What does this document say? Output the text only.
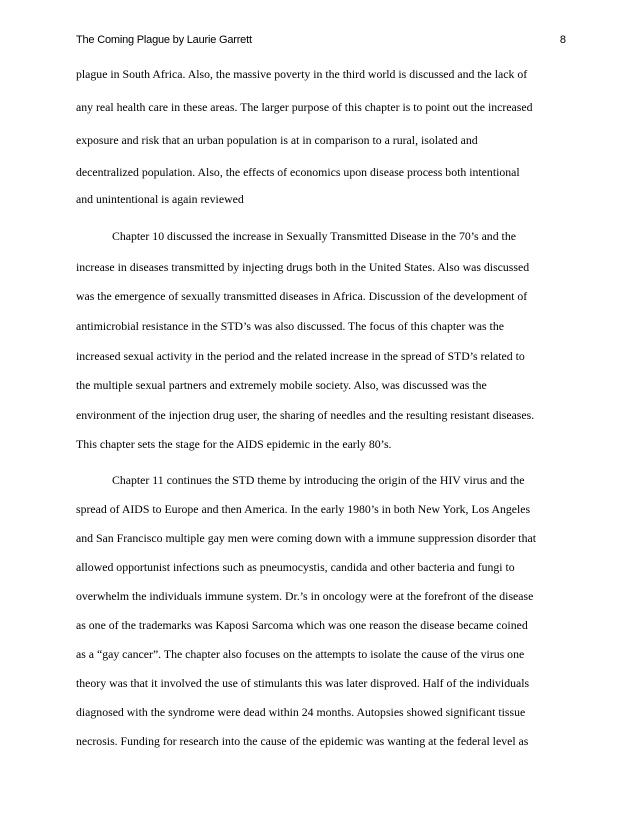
The Coming Plague by Laurie Garrett	8
plague in South Africa. Also, the massive poverty in the third world is discussed and the lack of
any real health care in these areas. The larger purpose of this chapter is to point out the increased
exposure and risk that an urban population is at in comparison to a rural, isolated and
decentralized population. Also, the effects of economics upon disease process both intentional
and unintentional is again reviewed
Chapter 10 discussed the increase in Sexually Transmitted Disease in the 70’s and the
increase in diseases transmitted by injecting drugs both in the United States. Also was discussed
was the emergence of sexually transmitted diseases in Africa. Discussion of the development of
antimicrobial resistance in the STD’s was also discussed. The focus of this chapter was the
increased sexual activity in the period and the related increase in the spread of STD’s related to
the multiple sexual partners and extremely mobile society. Also, was discussed was the
environment of the injection drug user, the sharing of needles and the resulting resistant diseases.
This chapter sets the stage for the AIDS epidemic in the early 80’s.
Chapter 11 continues the STD theme by introducing the origin of the HIV virus and the
spread of AIDS to Europe and then America. In the early 1980’s in both New York, Los Angeles
and San Francisco multiple gay men were coming down with a immune suppression disorder that
allowed opportunist infections such as pneumocystis, candida and other bacteria and fungi to
overwhelm the individuals immune system. Dr.’s in oncology were at the forefront of the disease
as one of the trademarks was Kaposi Sarcoma which was one reason the disease became coined
as a “gay cancer”. The chapter also focuses on the attempts to isolate the cause of the virus one
theory was that it involved the use of stimulants this was later disproved. Half of the individuals
diagnosed with the syndrome were dead within 24 months. Autopsies showed significant tissue
necrosis. Funding for research into the cause of the epidemic was wanting at the federal level as
